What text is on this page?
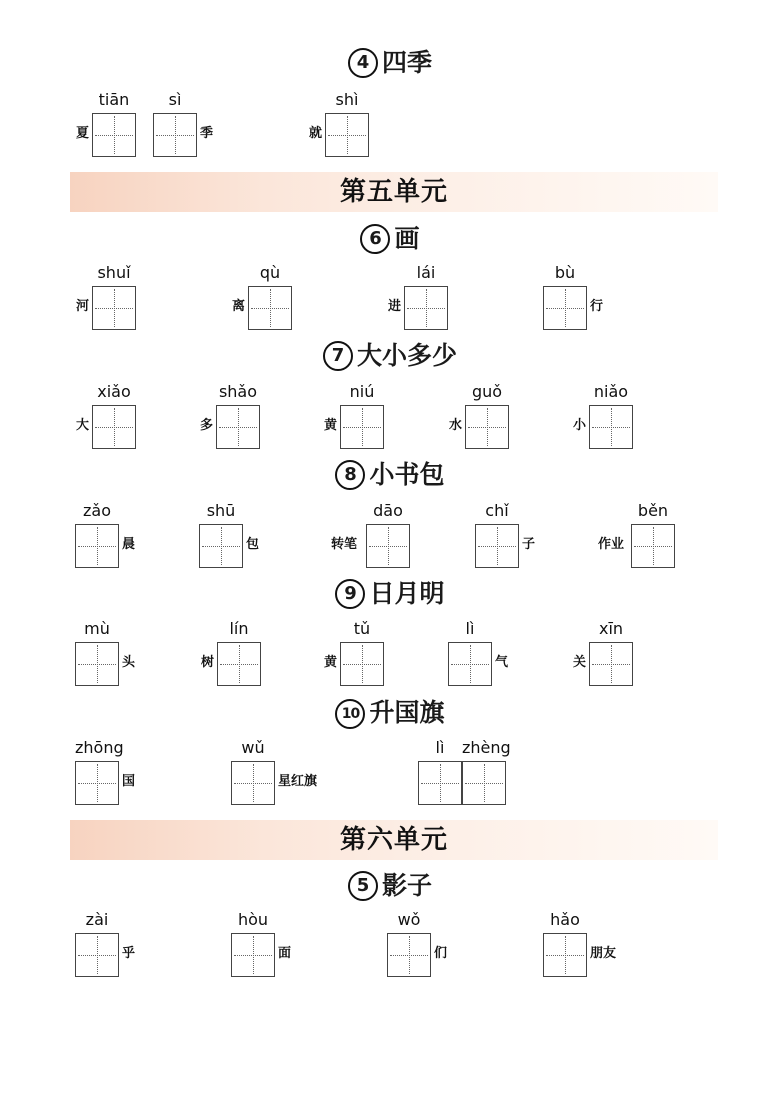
4 四季
tiān
夏
sì
季
shì
就
第五单元
6 画
shuǐ
河
qù
离
lái
进
bù
行
7 大小多少
xiǎo
大
shǎo
多
niú
黄
guǒ
水
niǎo
小
8 小书包
zǎo
晨
shū
包
dāo
转笔
chǐ
子
běn
作业
9 日月明
mù
头
lín
树
tǔ
黄
lì
气
xīn
关
10 升国旗
zhōng
国
wǔ
星红旗
lì	zhèng
第六单元
5 影子
zài
乎
hòu
面
wǒ
们
hǎo
朋友
